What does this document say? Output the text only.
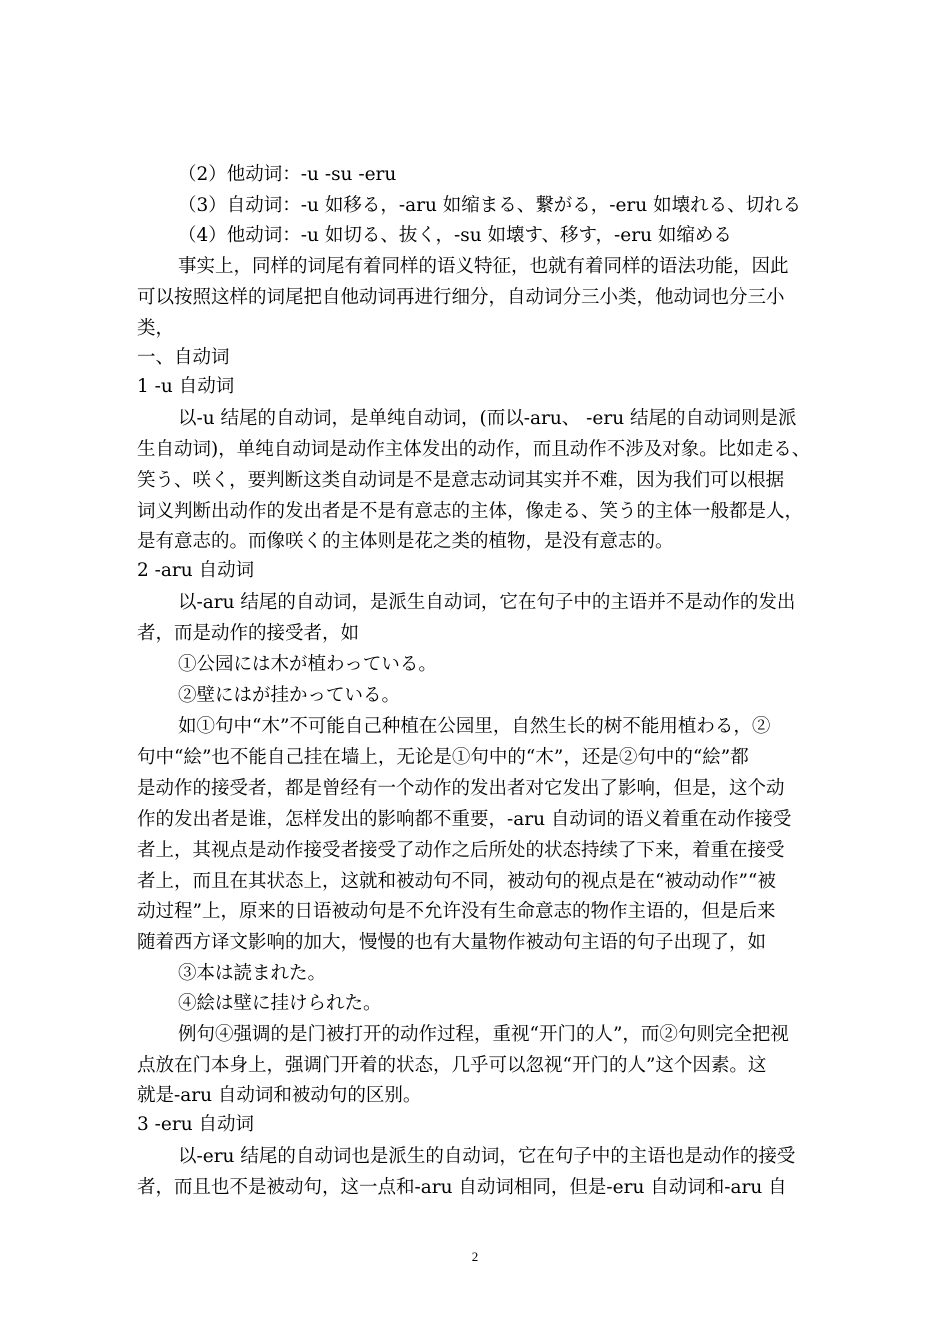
（2）他动词：-u -su -eru
（3）自动词：-u 如移る，-aru 如缩まる、繋がる，-eru 如壊れる、切れる
（4）他动词：-u 如切る、抜く，-su 如壊す、移す，-eru 如缩める
事实上，同样的词尾有着同样的语义特征，也就有着同样的语法功能，因此
可以按照这样的词尾把自他动词再进行细分，自动词分三小类，他动词也分三小
类，
一、自动词
1 -u 自动词
以-u 结尾的自动词，是单纯自动词，(而以-aru、 -eru 结尾的自动词则是派
生自动词)，单纯自动词是动作主体发出的动作，而且动作不涉及对象。比如走る、
笑う、咲く，要判断这类自动词是不是意志动词其实并不难，因为我们可以根据
词义判断出动作的发出者是不是有意志的主体，像走る、笑う的主体一般都是人，
是有意志的。而像咲く的主体则是花之类的植物，是没有意志的。
2 -aru 自动词
以-aru 结尾的自动词，是派生自动词，它在句子中的主语并不是动作的发出
者，而是动作的接受者，如
①公园には木が植わっている。
②壁にはが挂かっている。
如①句中“木”不可能自己种植在公园里，自然生长的树不能用植わる，②
句中“絵”也不能自己挂在墙上，无论是①句中的“木”，还是②句中的“絵”都
是动作的接受者，都是曾经有一个动作的发出者对它发出了影响，但是，这个动
作的发出者是谁，怎样发出的影响都不重要，-aru 自动词的语义着重在动作接受
者上，其视点是动作接受者接受了动作之后所处的状态持续了下来，着重在接受
者上，而且在其状态上，这就和被动句不同，被动句的视点是在“被动动作”“被
动过程”上，原来的日语被动句是不允许没有生命意志的物作主语的，但是后来
随着西方译文影响的加大，慢慢的也有大量物作被动句主语的句子出现了，如
③本は読まれた。
④絵は壁に挂けられた。
例句④强调的是门被打开的动作过程，重视“开门的人”，而②句则完全把视
点放在门本身上，强调门开着的状态，几乎可以忽视“开门的人”这个因素。这
就是-aru 自动词和被动句的区别。
3 -eru 自动词
以-eru 结尾的自动词也是派生的自动词，它在句子中的主语也是动作的接受
者，而且也不是被动句，这一点和-aru 自动词相同，但是-eru 自动词和-aru 自
2
